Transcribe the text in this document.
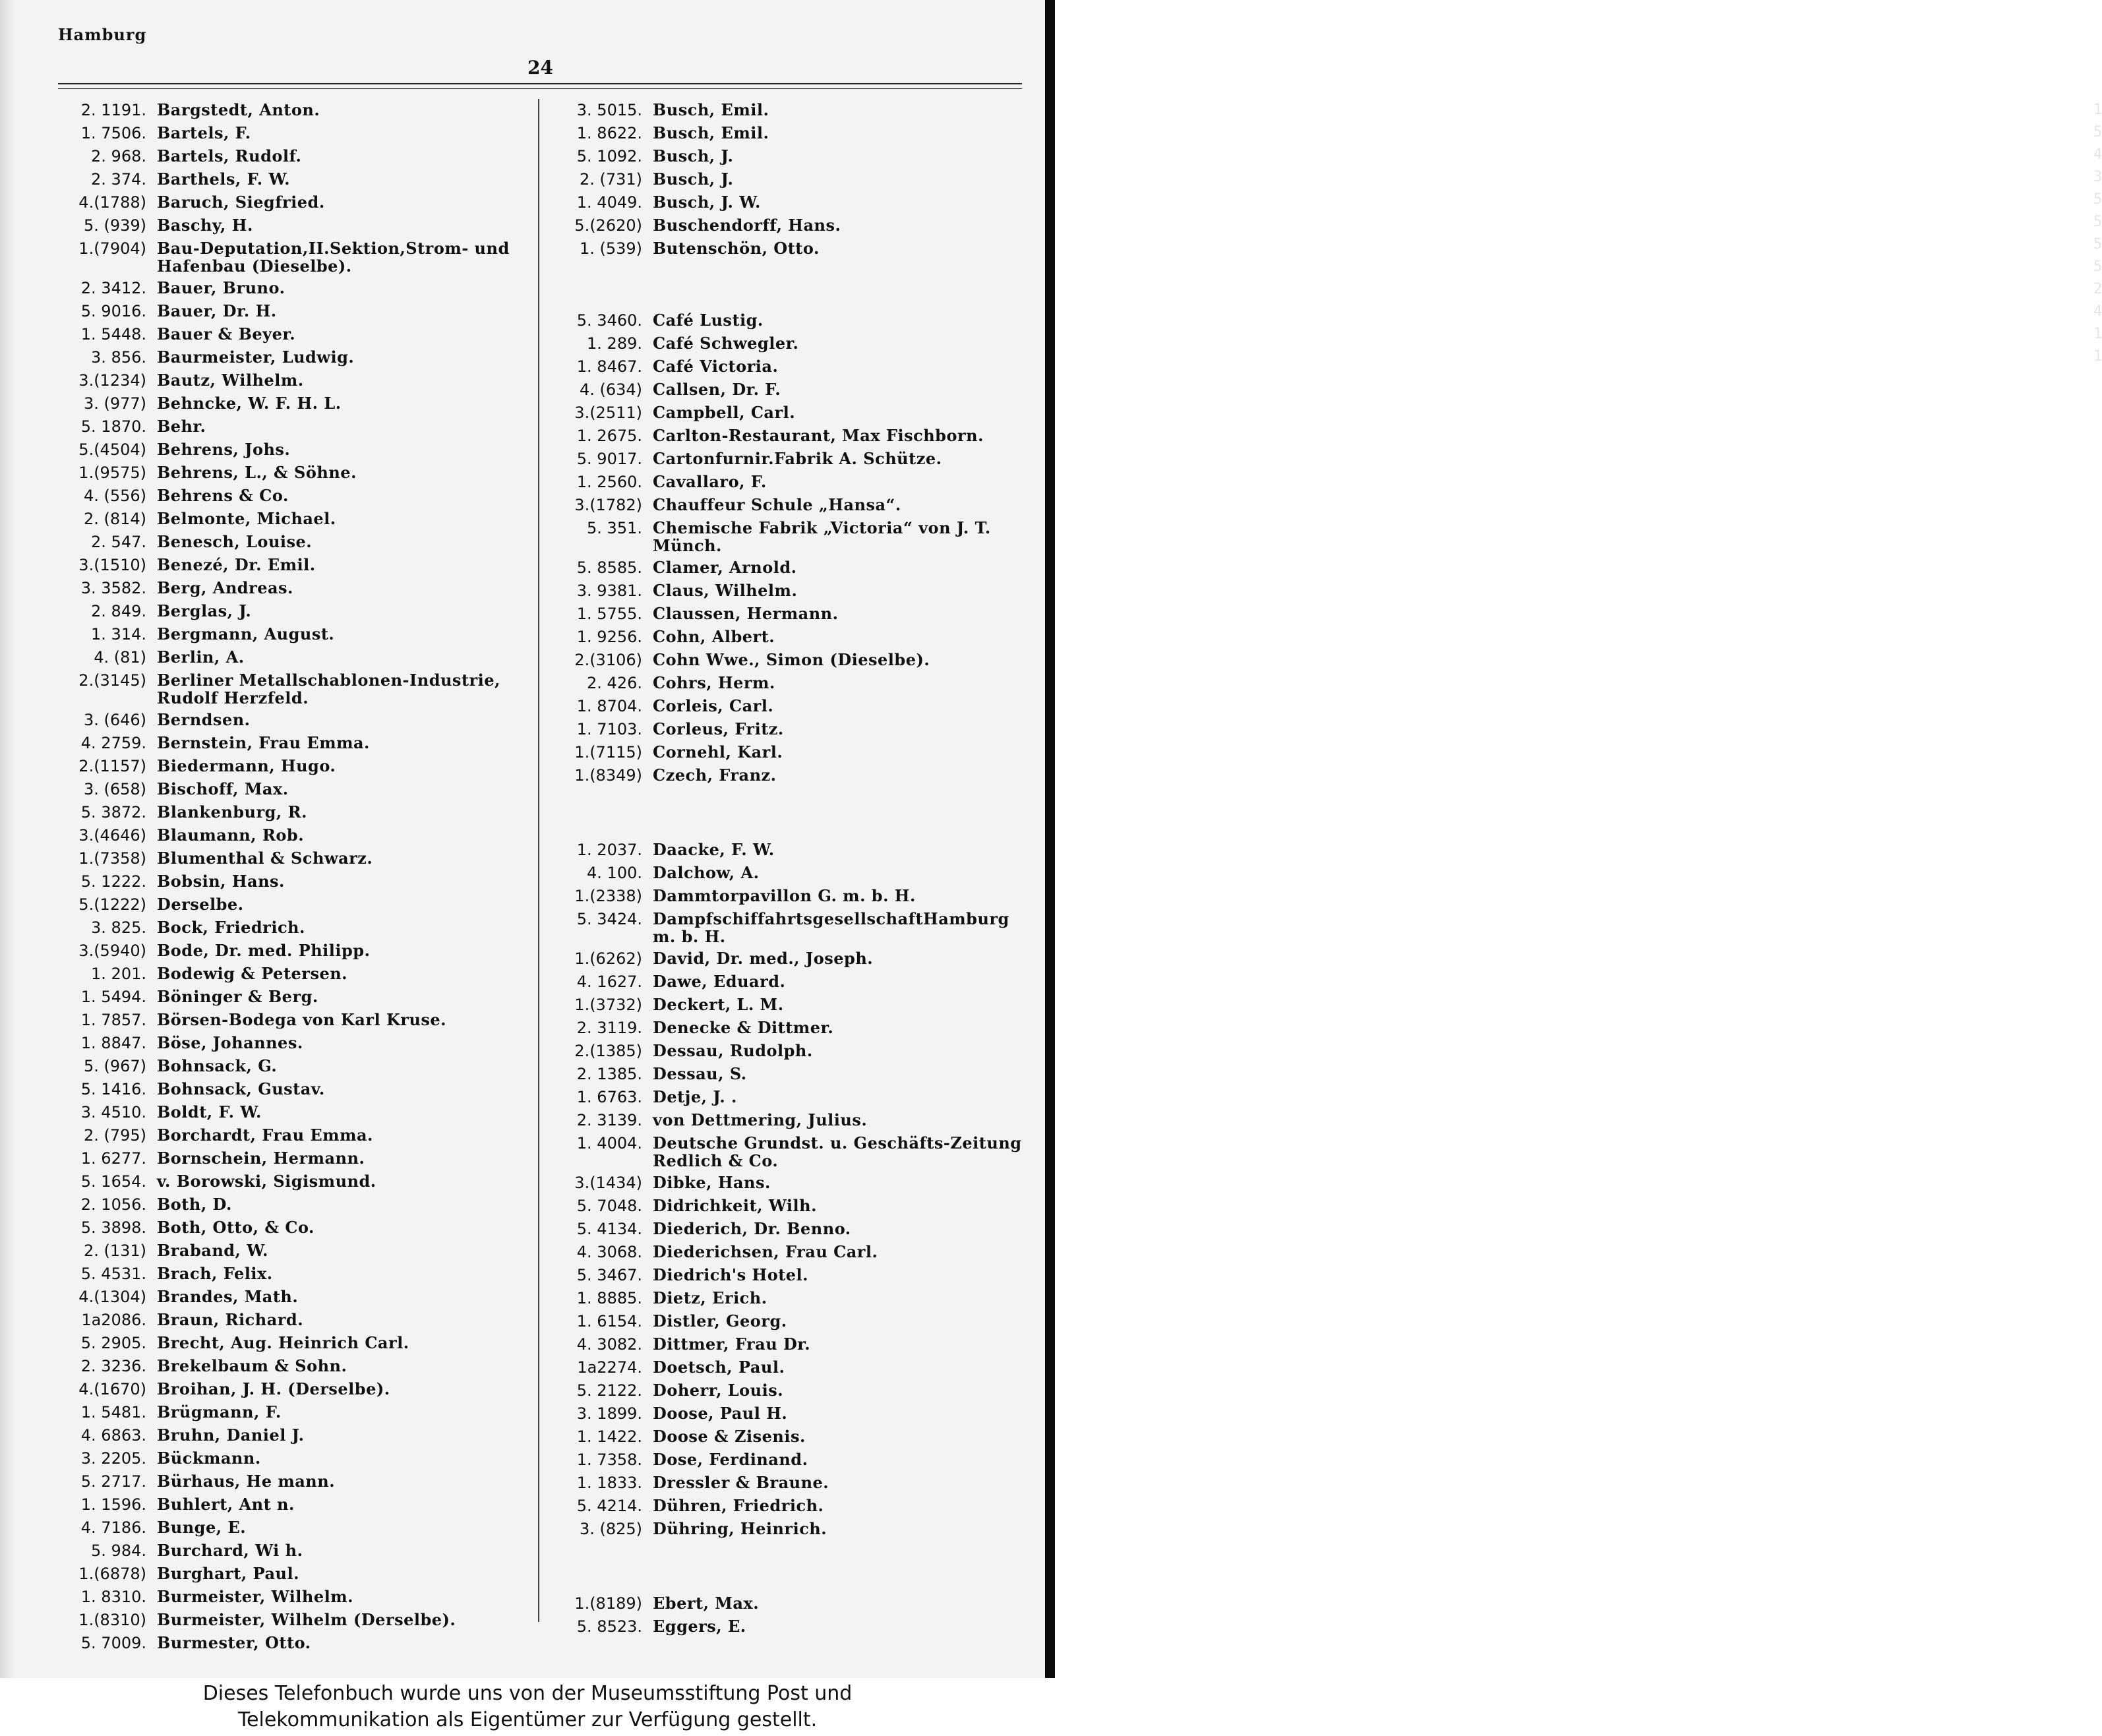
Hamburg
24
2. 1191. Bargstedt, Anton.
1. 7506. Bartels, F.
2. 968. Bartels, Rudolf.
2. 374. Barthels, F. W.
4.(1788) Baruch, Siegfried.
5. (939) Baschy, H.
1.(7904) Bau-Deputation,II.Sektion,Strom- und Hafenbau (Dieselbe).
2. 3412. Bauer, Bruno.
5. 9016. Bauer, Dr. H.
1. 5448. Bauer & Beyer.
3. 856. Baurmeister, Ludwig.
3.(1234) Bautz, Wilhelm.
3. (977) Behncke, W. F. H. L.
5. 1870. Behr.
5.(4504) Behrens, Johs.
1.(9575) Behrens, L., & Söhne.
4. (556) Behrens & Co.
2. (814) Belmonte, Michael.
2. 547. Benesch, Louise.
3.(1510) Benezé, Dr. Emil.
3. 3582. Berg, Andreas.
2. 849. Berglas, J.
1. 314. Bergmann, August.
4. (81) Berlin, A.
2.(3145) Berliner Metallschablonen-Industrie, Rudolf Herzfeld.
3. (646) Berndsen.
4. 2759. Bernstein, Frau Emma.
2.(1157) Biedermann, Hugo.
3. (658) Bischoff, Max.
5. 3872. Blankenburg, R.
3.(4646) Blaumann, Rob.
1.(7358) Blumenthal & Schwarz.
5. 1222. Bobsin, Hans.
5.(1222) Derselbe.
3. 825. Bock, Friedrich.
3.(5940) Bode, Dr. med. Philipp.
1. 201. Bodewig & Petersen.
1. 5494. Böninger & Berg.
1. 7857. Börsen-Bodega von Karl Kruse.
1. 8847. Böse, Johannes.
5. (967) Bohnsack, G.
5. 1416. Bohnsack, Gustav.
3. 4510. Boldt, F. W.
2. (795) Borchardt, Frau Emma.
1. 6277. Bornschein, Hermann.
5. 1654. v. Borowski, Sigismund.
2. 1056. Both, D.
5. 3898. Both, Otto, & Co.
2. (131) Braband, W.
5. 4531. Brach, Felix.
4.(1304) Brandes, Math.
1a2086. Braun, Richard.
5. 2905. Brecht, Aug. Heinrich Carl.
2. 3236. Brekelbaum & Sohn.
4.(1670) Broihan, J. H. (Derselbe).
1. 5481. Brügmann, F.
4. 6863. Bruhn, Daniel J.
3. 2205. Bückmann.
5. 2717. Bürhaus, He mann.
1. 1596. Buhlert, Ant n.
4. 7186. Bunge, E.
5. 984. Burchard, Wi h.
1.(6878) Burghart, Paul.
1. 8310. Burmeister, Wilhelm.
1.(8310) Burmeister, Wilhelm (Derselbe).
5. 7009. Burmester, Otto.
3. 5015. Busch, Emil.
1. 8622. Busch, Emil.
5. 1092. Busch, J.
2. (731) Busch, J.
1. 4049. Busch, J. W.
5.(2620) Buschendorff, Hans.
1. (539) Butenschön, Otto.
5. 3460. Café Lustig.
1. 289. Café Schwegler.
1. 8467. Café Victoria.
4. (634) Callsen, Dr. F.
3.(2511) Campbell, Carl.
1. 2675. Carlton-Restaurant, Max Fischborn.
5. 9017. Cartonfurnir.Fabrik A. Schütze.
1. 2560. Cavallaro, F.
3.(1782) Chauffeur Schule „Hansa“.
5. 351. Chemische Fabrik „Victoria“ von J. T. Münch.
5. 8585. Clamer, Arnold.
3. 9381. Claus, Wilhelm.
1. 5755. Claussen, Hermann.
1. 9256. Cohn, Albert.
2.(3106) Cohn Wwe., Simon (Dieselbe).
2. 426. Cohrs, Herm.
1. 8704. Corleis, Carl.
1. 7103. Corleus, Fritz.
1.(7115) Cornehl, Karl.
1.(8349) Czech, Franz.
1. 2037. Daacke, F. W.
4. 100. Dalchow, A.
1.(2338) Dammtorpavillon G. m. b. H.
5. 3424. DampfschiffahrtsgesellschaftHamburg m. b. H.
1.(6262) David, Dr. med., Joseph.
4. 1627. Dawe, Eduard.
1.(3732) Deckert, L. M.
2. 3119. Denecke & Dittmer.
2.(1385) Dessau, Rudolph.
2. 1385. Dessau, S.
1. 6763. Detje, J. .
2. 3139. von Dettmering, Julius.
1. 4004. Deutsche Grundst. u. Geschäfts-Zeitung Redlich & Co.
3.(1434) Dibke, Hans.
5. 7048. Didrichkeit, Wilh.
5. 4134. Diederich, Dr. Benno.
4. 3068. Diederichsen, Frau Carl.
5. 3467. Diedrich's Hotel.
1. 8885. Dietz, Erich.
1. 6154. Distler, Georg.
4. 3082. Dittmer, Frau Dr.
1a2274. Doetsch, Paul.
5. 2122. Doherr, Louis.
3. 1899. Doose, Paul H.
1. 1422. Doose & Zisenis.
1. 7358. Dose, Ferdinand.
1. 1833. Dressler & Braune.
5. 4214. Dühren, Friedrich.
3. (825) Dühring, Heinrich.
1.(8189) Ebert, Max.
5. 8523. Eggers, E.
1
5
4
3
5
5
5
5
2
4
1
1
Dieses Telefonbuch wurde uns von der Museumsstiftung Post und
Telekommunikation als Eigentümer zur Verfügung gestellt.
